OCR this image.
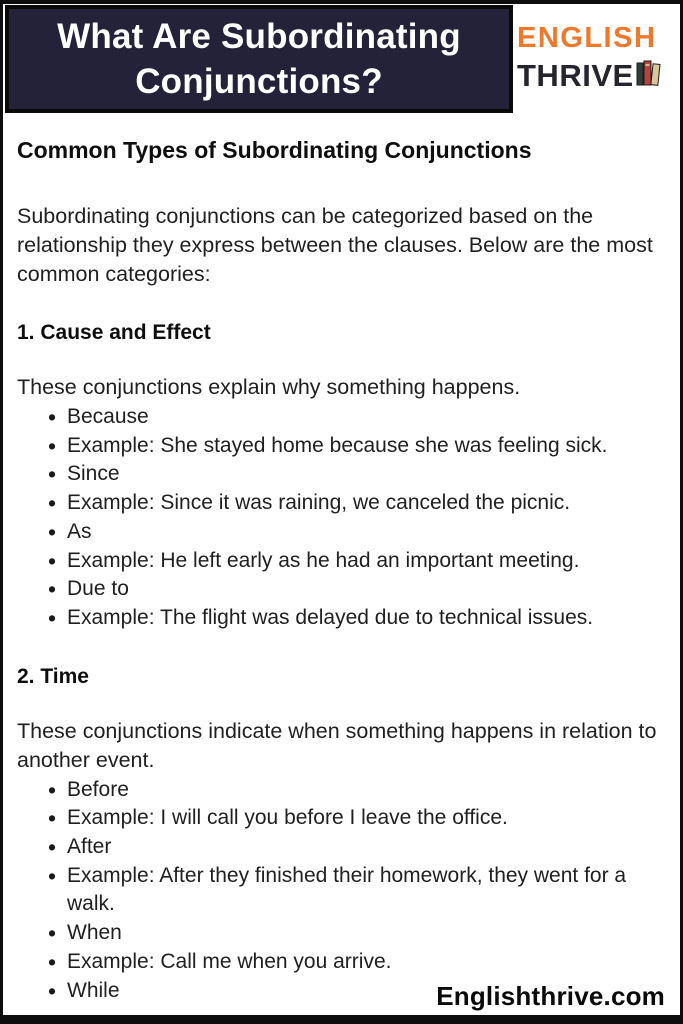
What Are Subordinating
Conjunctions?
ENGLISH
THRIVE
Common Types of Subordinating Conjunctions

Subordinating conjunctions can be categorized based on the relationship they express between the clauses. Below are the most common categories:

1. Cause and Effect

These conjunctions explain why something happens.

• Because
• Example: She stayed home because she was feeling sick.
• Since
• Example: Since it was raining, we canceled the picnic.
• As
• Example: He left early as he had an important meeting.
• Due to
• Example: The flight was delayed due to technical issues.
2. Time

These conjunctions indicate when something happens in relation to another event.

• Before
• Example: I will call you before I leave the office.
• After
• Example: After they finished their homework, they went for a walk.
• When
• Example: Call me when you arrive.
• While	Englishthrive.com
